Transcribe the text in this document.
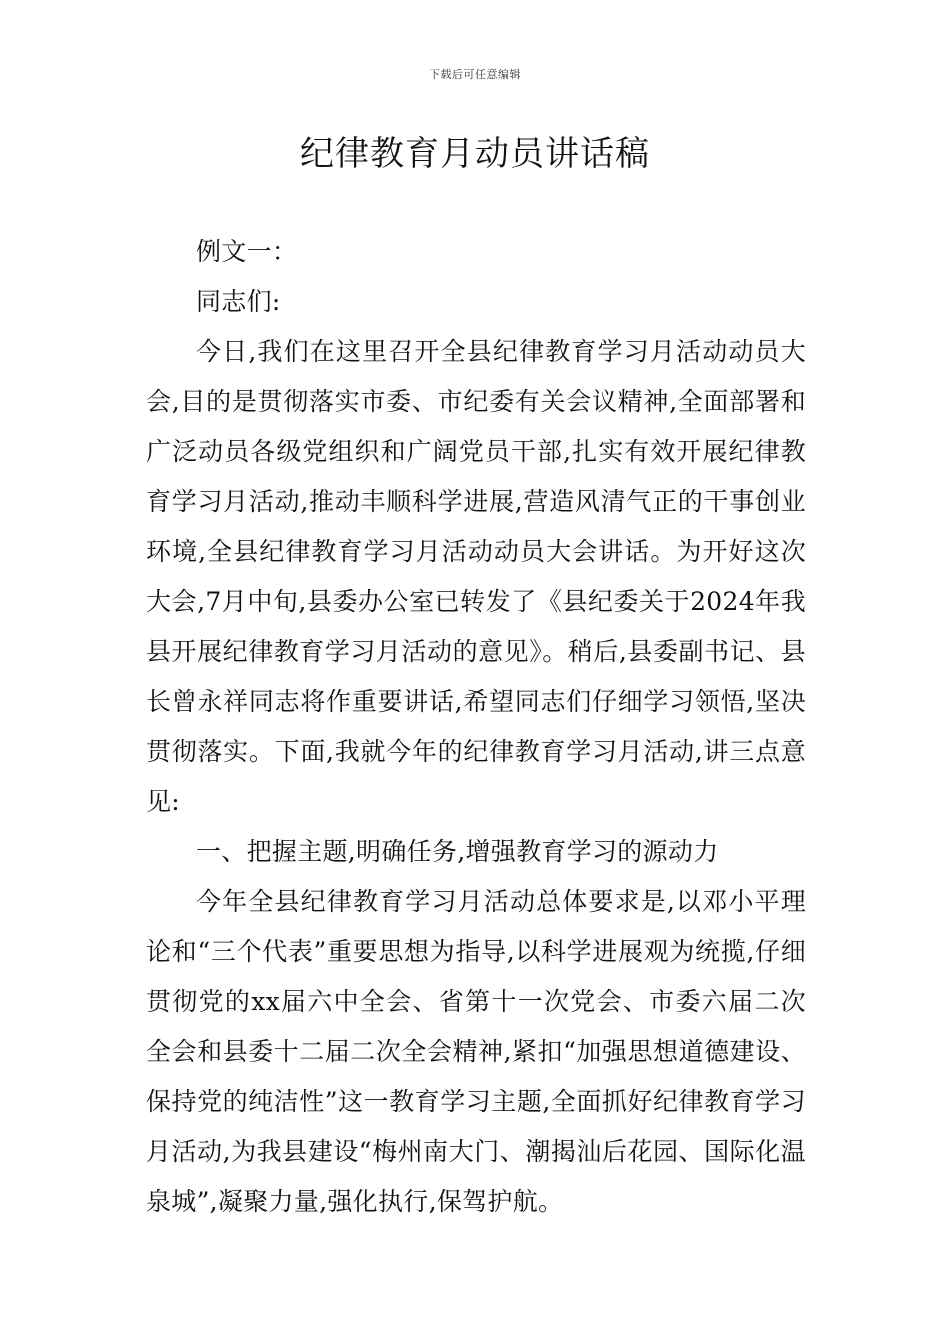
下载后可任意编辑
纪律教育月动员讲话稿

例文一：

同志们:

今日,我们在这里召开全县纪律教育学习月活动动员大会,目的是贯彻落实市委、市纪委有关会议精神,全面部署和广泛动员各级党组织和广阔党员干部,扎实有效开展纪律教育学习月活动,推动丰顺科学进展,营造风清气正的干事创业环境,全县纪律教育学习月活动动员大会讲话。为开好这次大会,7月中旬,县委办公室已转发了《县纪委关于2024年我县开展纪律教育学习月活动的意见》。稍后,县委副书记、县长曾永祥同志将作重要讲话,希望同志们仔细学习领悟,坚决贯彻落实。下面,我就今年的纪律教育学习月活动,讲三点意见:

一、把握主题,明确任务,增强教育学习的源动力

今年全县纪律教育学习月活动总体要求是,以邓小平理论和“三个代表”重要思想为指导,以科学进展观为统揽,仔细贯彻党的xx届六中全会、省第十一次党会、市委六届二次全会和县委十二届二次全会精神,紧扣“加强思想道德建设、保持党的纯洁性”这一教育学习主题,全面抓好纪律教育学习月活动,为我县建设“梅州南大门、潮揭汕后花园、国际化温泉城”,凝聚力量,强化执行,保驾护航。
